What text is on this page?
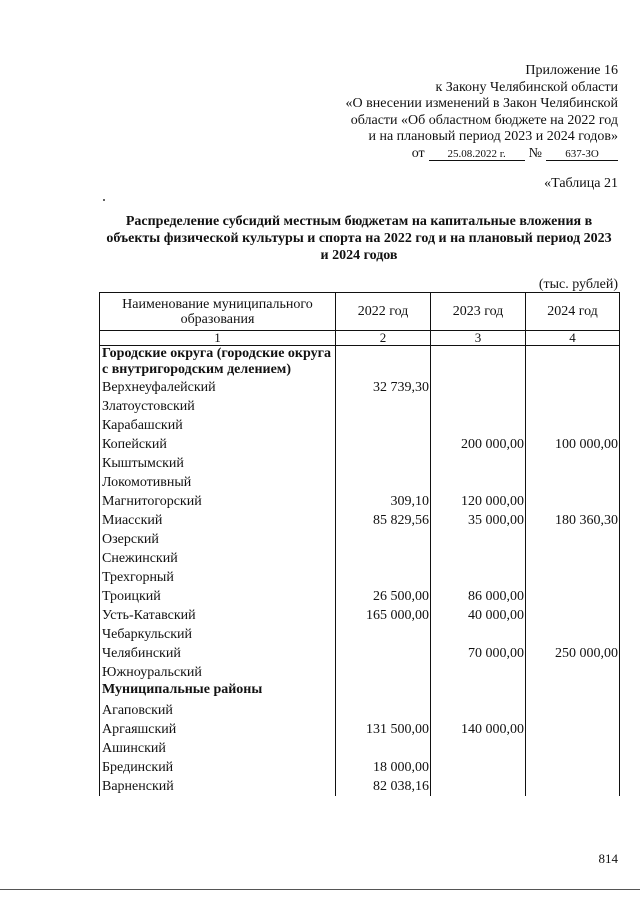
Приложение 16
к Закону Челябинской области
«О внесении изменений в Закон Челябинской
области «Об областном бюджете на 2022 год
и на плановый период 2023 и 2024 годов»
от	25.08.2022 г.	№	637-ЗО
«Таблица 21
Распределение субсидий местным бюджетам на капитальные вложения в
объекты физической культуры и спорта на 2022 год и на плановый период 2023
и 2024 годов
(тыс. рублей)
Наименование муниципального образования	2022 год	2023 год	2024 год
1	2	3	4
Городские округа (городские округа с внутригородским делением)			
Верхнеуфалейский	32 739,30		
Златоустовский			
Карабашский			
Копейский		200 000,00	100 000,00
Кыштымский			
Локомотивный			
Магнитогорский	309,10	120 000,00	
Миасский	85 829,56	35 000,00	180 360,30
Озерский			
Снежинский			
Трехгорный			
Троицкий	26 500,00	86 000,00	
Усть-Катавский	165 000,00	40 000,00	
Чебаркульский			
Челябинский		70 000,00	250 000,00
Южноуральский			
Муниципальные районы			
Агаповский			
Аргаяшский	131 500,00	140 000,00	
Ашинский			
Брединский	18 000,00		
Варненский	82 038,16		
814
